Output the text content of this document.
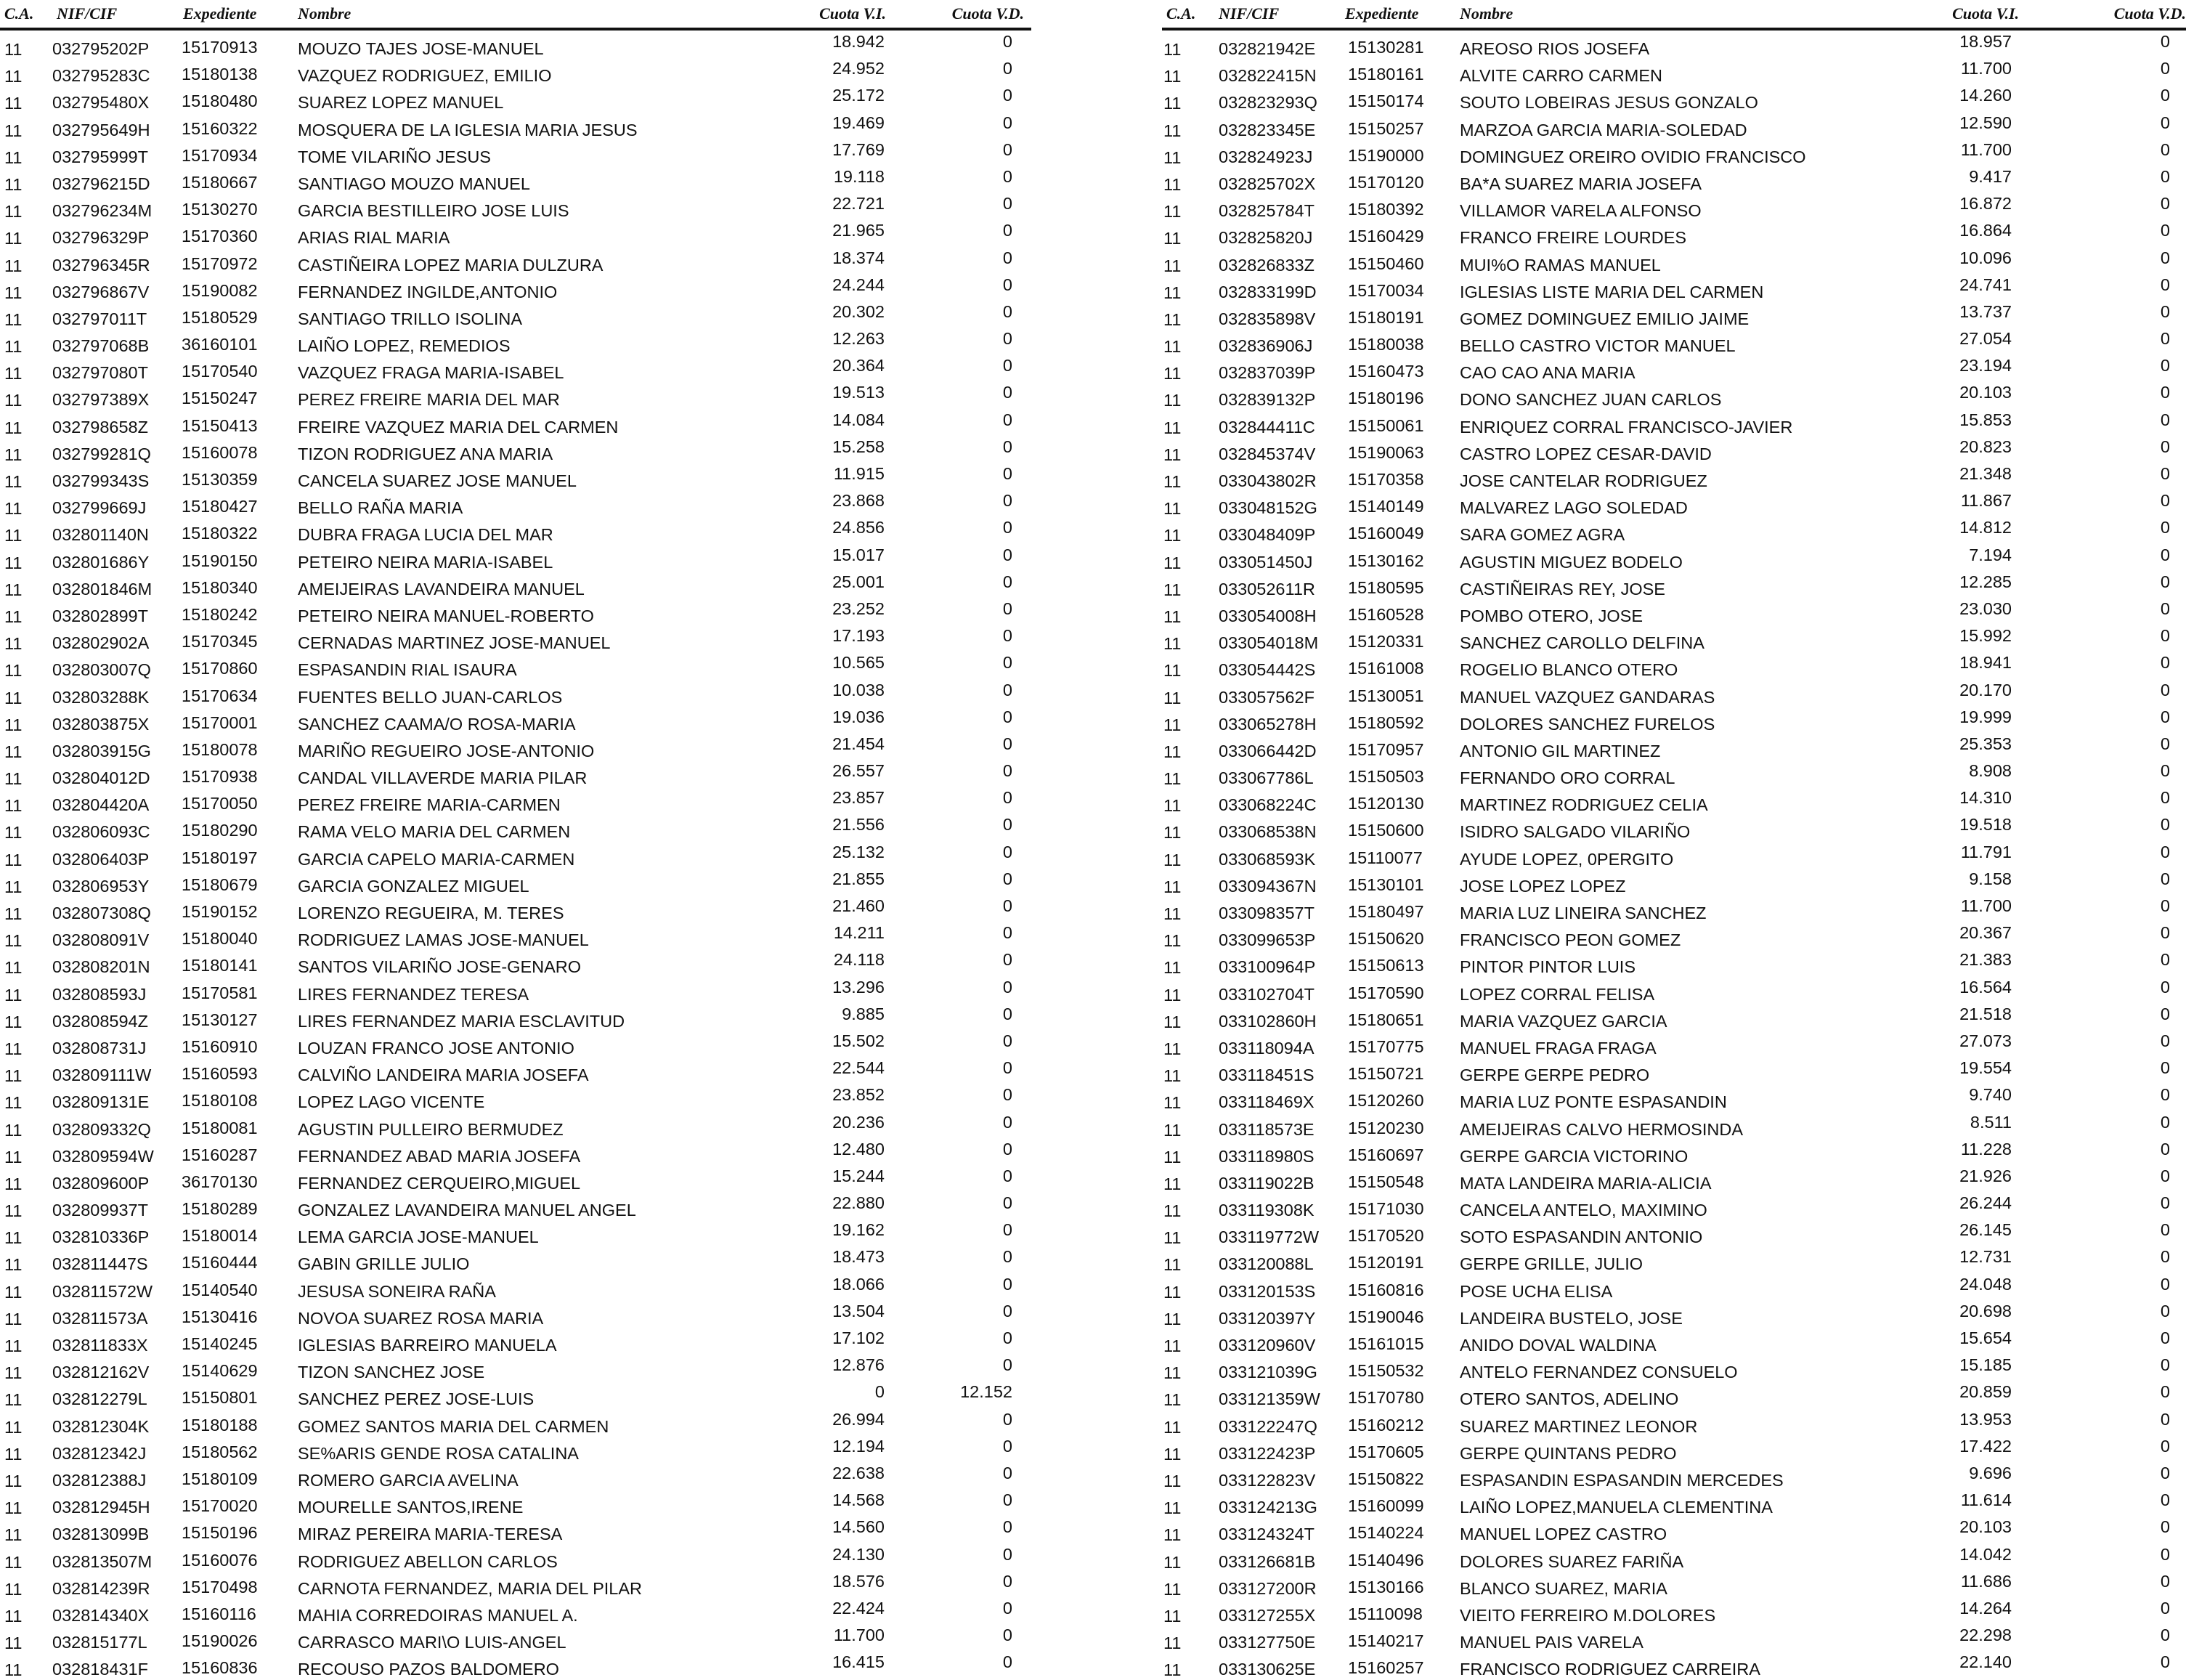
C.A. NIF/CIF	Expediente	Nombre	Cuota V.I.	Cuota V.D.
11 032795202P 15170913 MOUZO TAJES JOSE-MANUEL	18.942	0
11 032795283C 15180138 VAZQUEZ RODRIGUEZ, EMILIO	24.952	0
11 032795480X 15180480 SUAREZ LOPEZ MANUEL	25.172	0
11 032795649H 15160322 MOSQUERA DE LA IGLESIA MARIA JESUS	19.469	0
11 032795999T 15170934 TOME VILARIÑO JESUS	17.769	0
11 032796215D 15180667 SANTIAGO MOUZO MANUEL	19.118	0
11 032796234M 15130270 GARCIA BESTILLEIRO JOSE LUIS	22.721	0
11 032796329P 15170360 ARIAS RIAL MARIA	21.965	0
11 032796345R 15170972 CASTIÑEIRA LOPEZ MARIA DULZURA	18.374	0
11 032796867V 15190082 FERNANDEZ INGILDE,ANTONIO	24.244	0
11 032797011T 15180529 SANTIAGO TRILLO ISOLINA	20.302	0
11 032797068B 36160101 LAIÑO LOPEZ, REMEDIOS	12.263	0
11 032797080T 15170540 VAZQUEZ FRAGA MARIA-ISABEL	20.364	0
11 032797389X 15150247 PEREZ FREIRE MARIA DEL MAR	19.513	0
11 032798658Z 15150413 FREIRE VAZQUEZ MARIA DEL CARMEN	14.084	0
11 032799281Q 15160078 TIZON RODRIGUEZ ANA MARIA	15.258	0
11 032799343S 15130359 CANCELA SUAREZ JOSE MANUEL	11.915	0
11 032799669J 15180427 BELLO RAÑA MARIA	23.868	0
11 032801140N 15180322 DUBRA FRAGA LUCIA DEL MAR	24.856	0
11 032801686Y 15190150 PETEIRO NEIRA MARIA-ISABEL	15.017	0
11 032801846M 15180340 AMEIJEIRAS LAVANDEIRA MANUEL	25.001	0
11 032802899T 15180242 PETEIRO NEIRA MANUEL-ROBERTO	23.252	0
11 032802902A 15170345 CERNADAS MARTINEZ JOSE-MANUEL	17.193	0
11 032803007Q 15170860 ESPASANDIN RIAL ISAURA	10.565	0
11 032803288K 15170634 FUENTES BELLO JUAN-CARLOS	10.038	0
11 032803875X 15170001 SANCHEZ CAAMA/O ROSA-MARIA	19.036	0
11 032803915G 15180078 MARIÑO REGUEIRO JOSE-ANTONIO	21.454	0
11 032804012D 15170938 CANDAL VILLAVERDE MARIA PILAR	26.557	0
11 032804420A 15170050 PEREZ FREIRE MARIA-CARMEN	23.857	0
11 032806093C 15180290 RAMA VELO MARIA DEL CARMEN	21.556	0
11 032806403P 15180197 GARCIA CAPELO MARIA-CARMEN	25.132	0
11 032806953Y 15180679 GARCIA GONZALEZ MIGUEL	21.855	0
11 032807308Q 15190152 LORENZO REGUEIRA, M. TERES	21.460	0
11 032808091V 15180040 RODRIGUEZ LAMAS JOSE-MANUEL	14.211	0
11 032808201N 15180141 SANTOS VILARIÑO JOSE-GENARO	24.118	0
11 032808593J 15170581 LIRES FERNANDEZ TERESA	13.296	0
11 032808594Z 15130127 LIRES FERNANDEZ MARIA ESCLAVITUD	9.885	0
11 032808731J 15160910 LOUZAN FRANCO JOSE ANTONIO	15.502	0
11 032809111W 15160593 CALVIÑO LANDEIRA MARIA JOSEFA	22.544	0
11 032809131E 15180108 LOPEZ LAGO VICENTE	23.852	0
11 032809332Q 15180081 AGUSTIN PULLEIRO BERMUDEZ	20.236	0
11 032809594W 15160287 FERNANDEZ ABAD MARIA JOSEFA	12.480	0
11 032809600P 36170130 FERNANDEZ CERQUEIRO,MIGUEL	15.244	0
11 032809937T 15180289 GONZALEZ LAVANDEIRA MANUEL ANGEL	22.880	0
11 032810336P 15180014 LEMA GARCIA JOSE-MANUEL	19.162	0
11 032811447S 15160444 GABIN GRILLE JULIO	18.473	0
11 032811572W 15140540 JESUSA SONEIRA RAÑA	18.066	0
11 032811573A 15130416 NOVOA SUAREZ ROSA MARIA	13.504	0
11 032811833X 15140245 IGLESIAS BARREIRO MANUELA	17.102	0
11 032812162V 15140629 TIZON SANCHEZ JOSE	12.876	0
11 032812279L 15150801 SANCHEZ PEREZ JOSE-LUIS	0	12.152
11 032812304K 15180188 GOMEZ SANTOS MARIA DEL CARMEN	26.994	0
11 032812342J 15180562 SE%ARIS GENDE ROSA CATALINA	12.194	0
11 032812388J 15180109 ROMERO GARCIA AVELINA	22.638	0
11 032812945H 15170020 MOURELLE SANTOS,IRENE	14.568	0
11 032813099B 15150196 MIRAZ PEREIRA MARIA-TERESA	14.560	0
11 032813507M 15160076 RODRIGUEZ ABELLON CARLOS	24.130	0
11 032814239R 15170498 CARNOTA FERNANDEZ, MARIA DEL PILAR	18.576	0
11 032814340X 15160116 MAHIA CORREDOIRAS MANUEL A.	22.424	0
11 032815177L 15190026 CARRASCO MARI\O LUIS-ANGEL	11.700	0
11 032818431F 15160836 RECOUSO PAZOS BALDOMERO	16.415	0
C.A. NIF/CIF	Expediente	Nombre	Cuota V.I.	Cuota V.D.
11 032821942E 15130281 AREOSO RIOS JOSEFA	18.957	0
11 032822415N 15180161 ALVITE CARRO CARMEN	11.700	0
11 032823293Q 15150174 SOUTO LOBEIRAS JESUS GONZALO	14.260	0
11 032823345E 15150257 MARZOA GARCIA MARIA-SOLEDAD	12.590	0
11 032824923J 15190000 DOMINGUEZ OREIRO OVIDIO FRANCISCO	11.700	0
11 032825702X 15170120 BA*A SUAREZ MARIA JOSEFA	9.417	0
11 032825784T 15180392 VILLAMOR VARELA ALFONSO	16.872	0
11 032825820J 15160429 FRANCO FREIRE LOURDES	16.864	0
11 032826833Z 15150460 MUI%O RAMAS MANUEL	10.096	0
11 032833199D 15170034 IGLESIAS LISTE MARIA DEL CARMEN	24.741	0
11 032835898V 15180191 GOMEZ DOMINGUEZ EMILIO JAIME	13.737	0
11 032836906J 15180038 BELLO CASTRO VICTOR MANUEL	27.054	0
11 032837039P 15160473 CAO CAO ANA MARIA	23.194	0
11 032839132P 15180196 DONO SANCHEZ JUAN CARLOS	20.103	0
11 032844411C 15150061 ENRIQUEZ CORRAL FRANCISCO-JAVIER	15.853	0
11 032845374V 15190063 CASTRO LOPEZ CESAR-DAVID	20.823	0
11 033043802R 15170358 JOSE CANTELAR RODRIGUEZ	21.348	0
11 033048152G 15140149 MALVAREZ LAGO SOLEDAD	11.867	0
11 033048409P 15160049 SARA GOMEZ AGRA	14.812	0
11 033051450J 15130162 AGUSTIN MIGUEZ BODELO	7.194	0
11 033052611R 15180595 CASTIÑEIRAS REY, JOSE	12.285	0
11 033054008H 15160528 POMBO OTERO, JOSE	23.030	0
11 033054018M 15120331 SANCHEZ CAROLLO DELFINA	15.992	0
11 033054442S 15161008 ROGELIO BLANCO OTERO	18.941	0
11 033057562F 15130051 MANUEL VAZQUEZ GANDARAS	20.170	0
11 033065278H 15180592 DOLORES SANCHEZ FURELOS	19.999	0
11 033066442D 15170957 ANTONIO GIL MARTINEZ	25.353	0
11 033067786L 15150503 FERNANDO ORO CORRAL	8.908	0
11 033068224C 15120130 MARTINEZ RODRIGUEZ CELIA	14.310	0
11 033068538N 15150600 ISIDRO SALGADO VILARIÑO	19.518	0
11 033068593K 15110077 AYUDE LOPEZ, 0PERGITO	11.791	0
11 033094367N 15130101 JOSE LOPEZ LOPEZ	9.158	0
11 033098357T 15180497 MARIA LUZ LINEIRA SANCHEZ	11.700	0
11 033099653P 15150620 FRANCISCO PEON GOMEZ	20.367	0
11 033100964P 15150613 PINTOR PINTOR LUIS	21.383	0
11 033102704T 15170590 LOPEZ CORRAL FELISA	16.564	0
11 033102860H 15180651 MARIA VAZQUEZ GARCIA	21.518	0
11 033118094A 15170775 MANUEL FRAGA FRAGA	27.073	0
11 033118451S 15150721 GERPE GERPE PEDRO	19.554	0
11 033118469X 15120260 MARIA LUZ PONTE ESPASANDIN	9.740	0
11 033118573E 15120230 AMEIJEIRAS CALVO HERMOSINDA	8.511	0
11 033118980S 15160697 GERPE GARCIA VICTORINO	11.228	0
11 033119022B 15150548 MATA LANDEIRA MARIA-ALICIA	21.926	0
11 033119308K 15171030 CANCELA ANTELO, MAXIMINO	26.244	0
11 033119772W 15170520 SOTO ESPASANDIN ANTONIO	26.145	0
11 033120088L 15120191 GERPE GRILLE, JULIO	12.731	0
11 033120153S 15160816 POSE UCHA ELISA	24.048	0
11 033120397Y 15190046 LANDEIRA BUSTELO, JOSE	20.698	0
11 033120960V 15161015 ANIDO DOVAL WALDINA	15.654	0
11 033121039G 15150532 ANTELO FERNANDEZ CONSUELO	15.185	0
11 033121359W 15170780 OTERO SANTOS, ADELINO	20.859	0
11 033122247Q 15160212 SUAREZ MARTINEZ LEONOR	13.953	0
11 033122423P 15170605 GERPE QUINTANS PEDRO	17.422	0
11 033122823V 15150822 ESPASANDIN ESPASANDIN MERCEDES	9.696	0
11 033124213G 15160099 LAIÑO LOPEZ,MANUELA CLEMENTINA	11.614	0
11 033124324T 15140224 MANUEL LOPEZ CASTRO	20.103	0
11 033126681B 15140496 DOLORES SUAREZ FARIÑA	14.042	0
11 033127200R 15130166 BLANCO SUAREZ, MARIA	11.686	0
11 033127255X 15110098 VIEITO FERREIRO M.DOLORES	14.264	0
11 033127750E 15140217 MANUEL PAIS VARELA	22.298	0
11 033130625E 15160257 FRANCISCO RODRIGUEZ CARREIRA	22.140	0
